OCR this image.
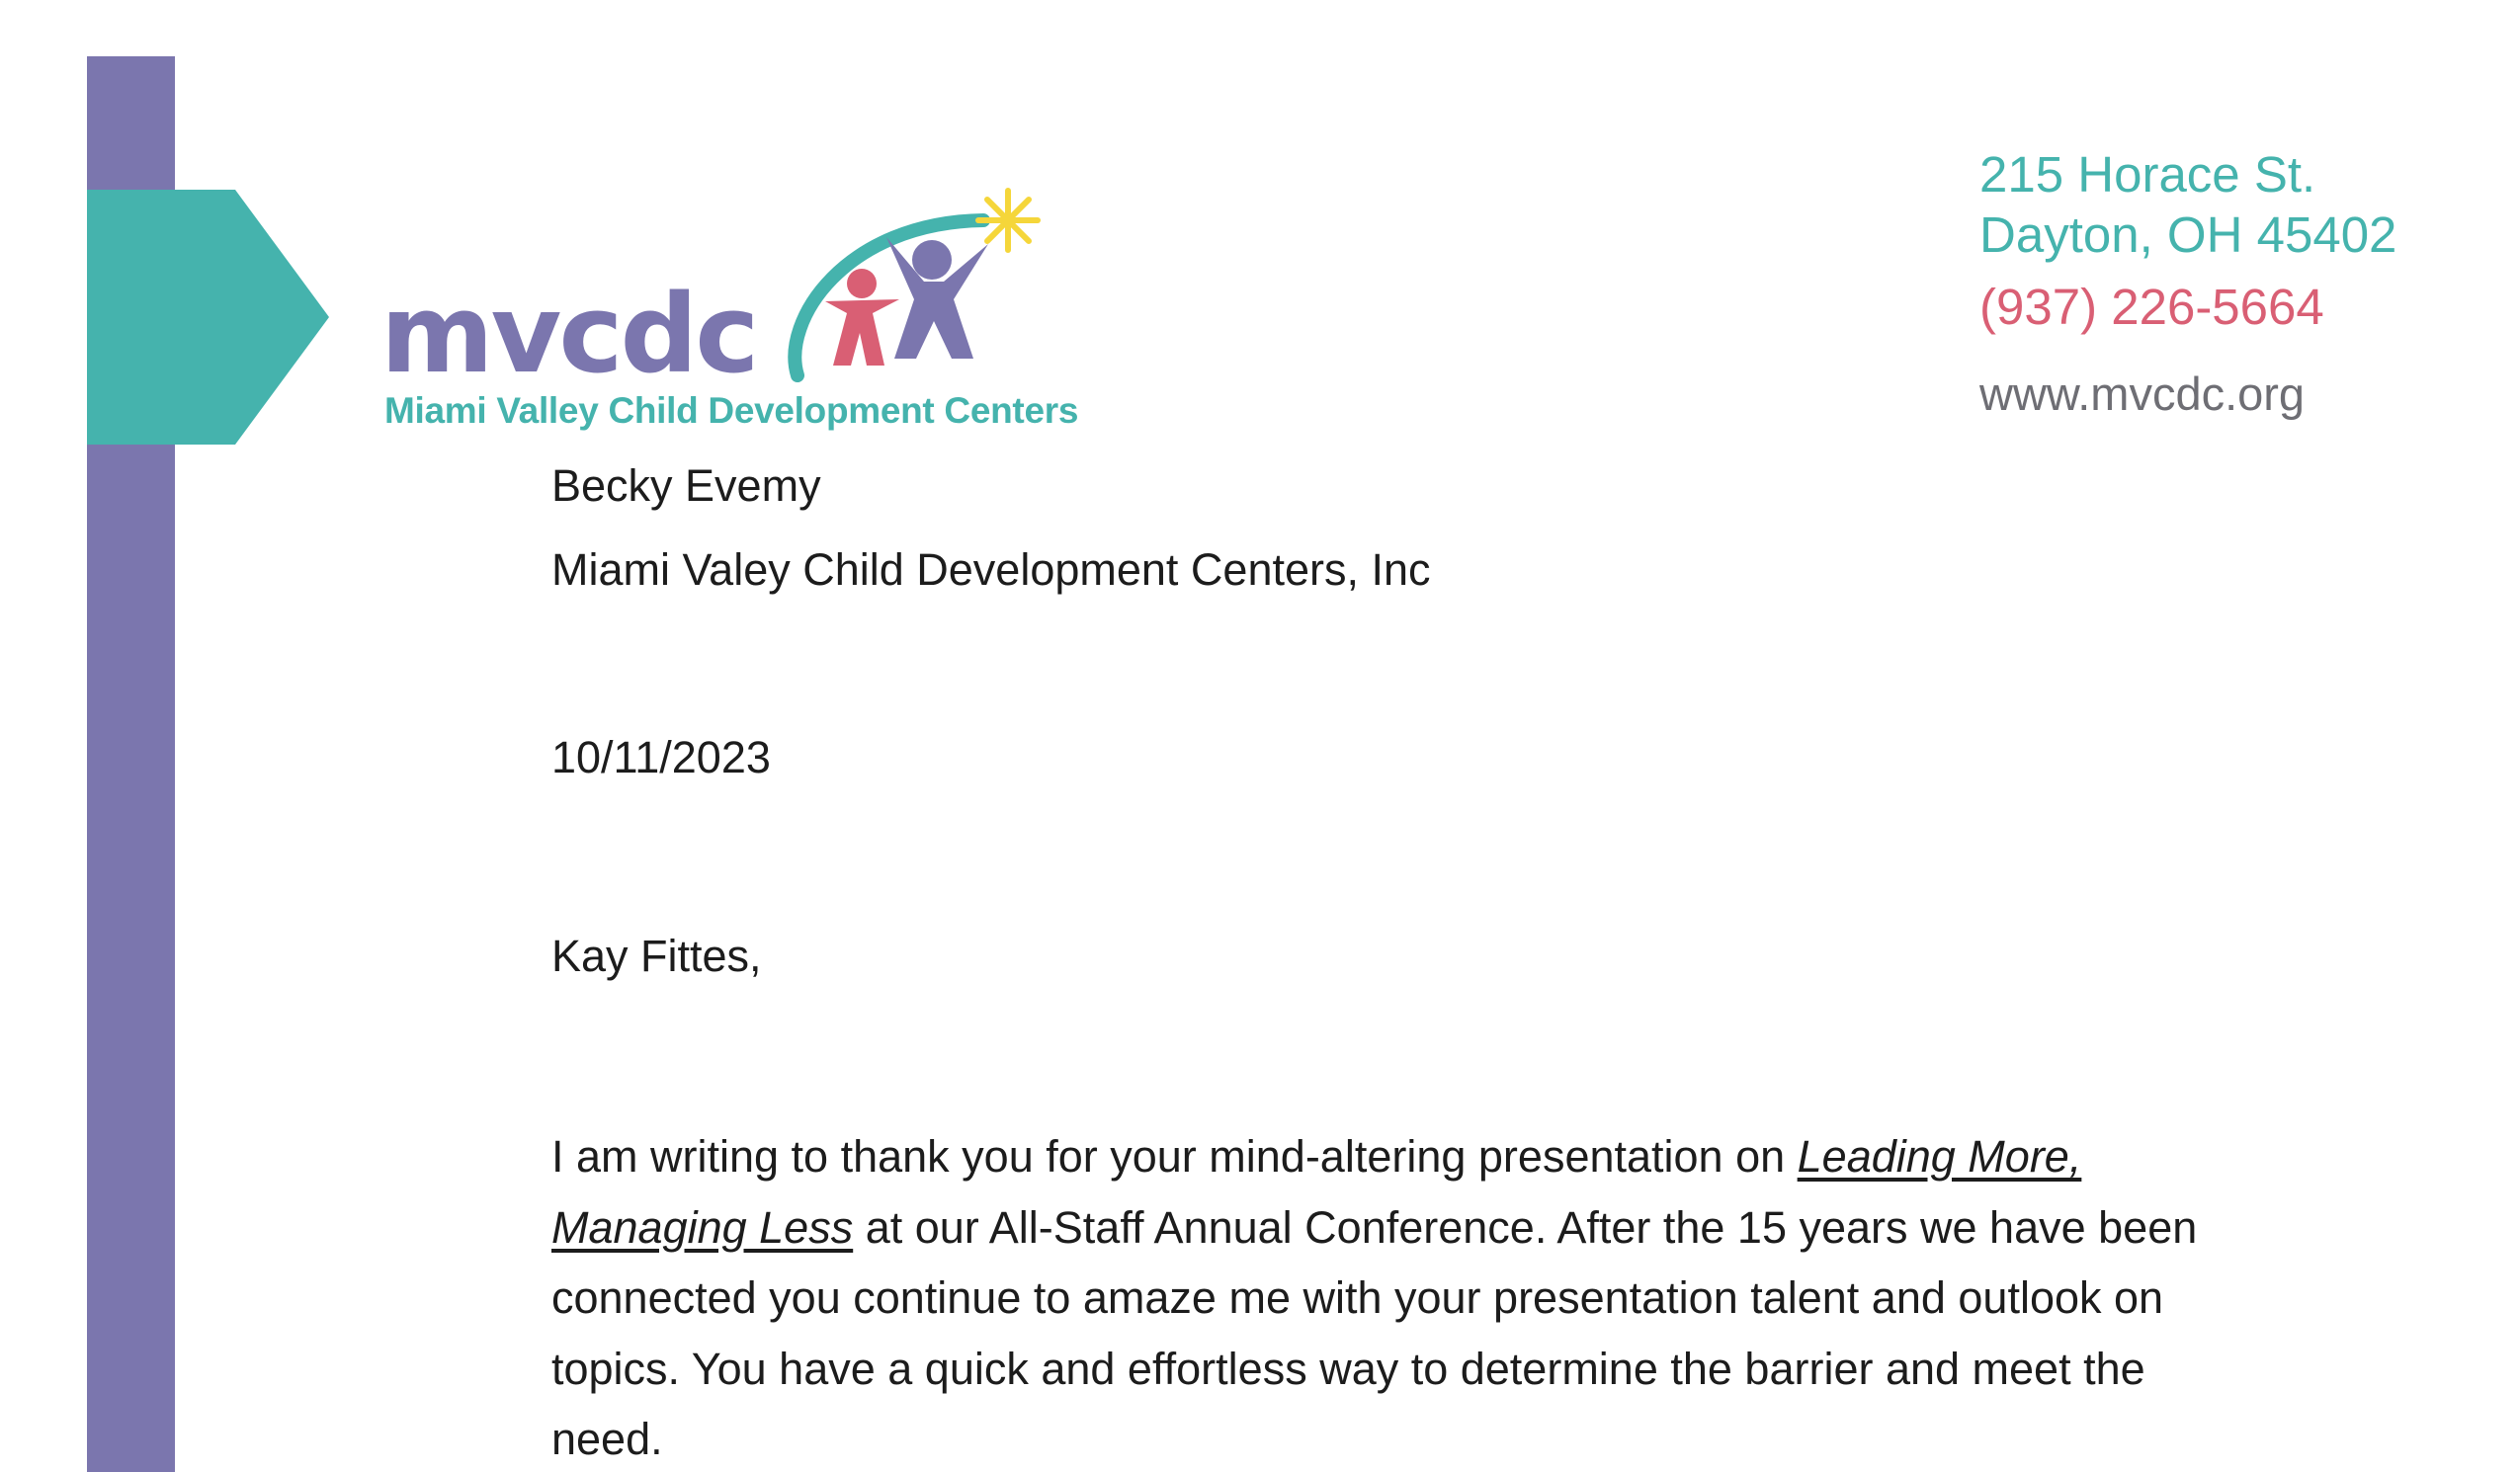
mvcdc
Miami Valley Child Development Centers
215 Horace St.
Dayton, OH 45402
(937) 226-5664
www.mvcdc.org
Becky Evemy
Miami Valey Child Development Centers, Inc
10/11/2023
Kay Fittes,
I am writing to thank you for your mind-altering presentation on Leading More, Managing Less at our All-Staff Annual Conference. After the 15 years we have been connected you continue to amaze me with your presentation talent and outlook on topics. You have a quick and effortless way to determine the barrier and meet the need.
